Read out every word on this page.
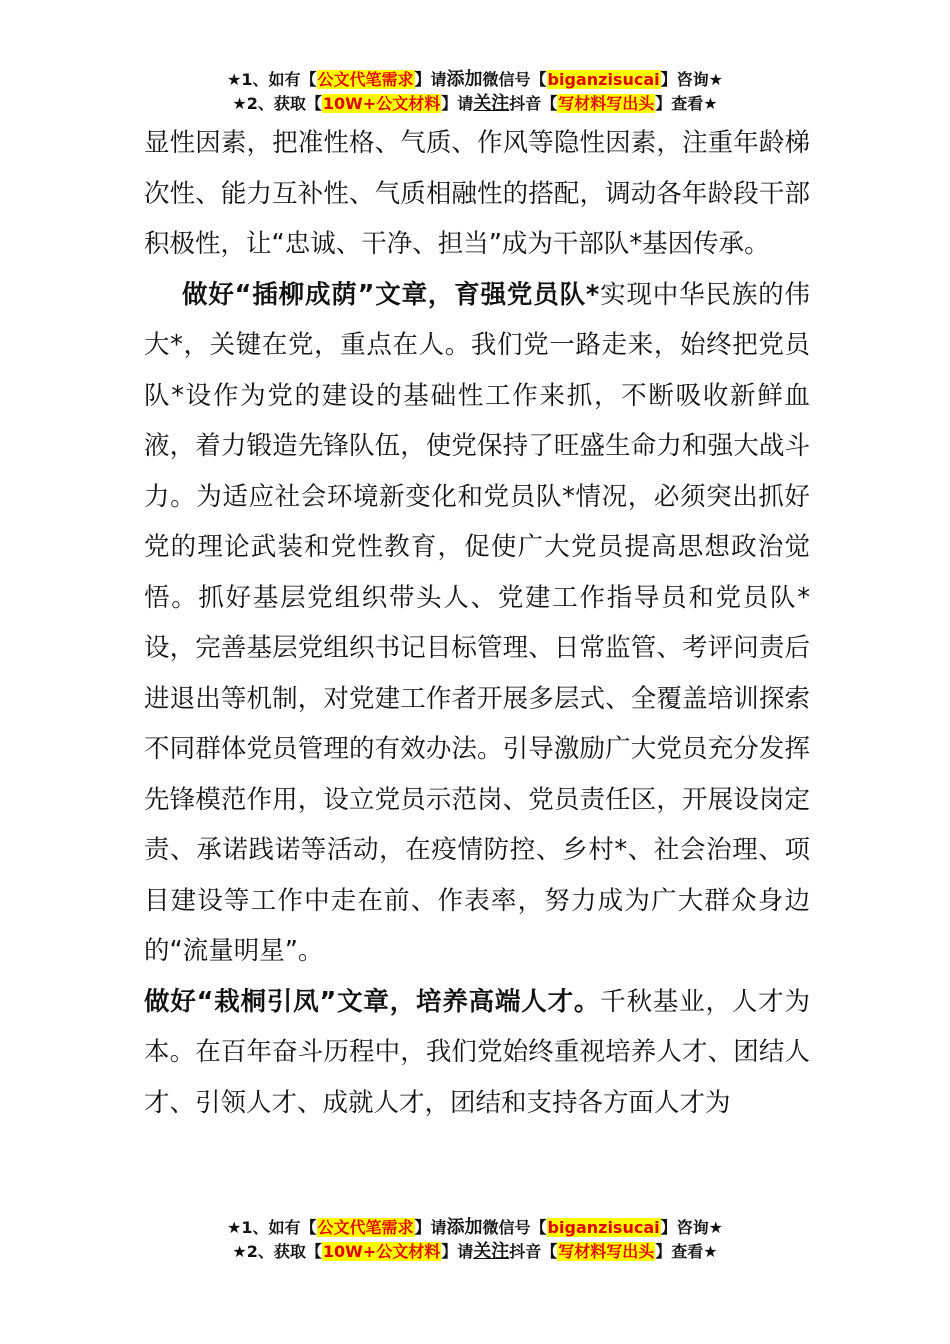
★1、如有【公文代笔需求】请添加微信号【biganzisucai】咨询★
★2、获取【10W+公文材料】请关注抖音【写材料写出头】查看★

显性因素，把准性格、气质、作风等隐性因素，注重年龄梯次性、能力互补性、气质相融性的搭配，调动各年龄段干部积极性，让“忠诚、干净、担当”成为干部队*基因传承。

做好“插柳成荫”文章，育强党员队*实现中华民族的伟大*，关键在党，重点在人。我们党一路走来，始终把党员队*设作为党的建设的基础性工作来抓，不断吸收新鲜血液，着力锻造先锋队伍，使党保持了旺盛生命力和强大战斗力。为适应社会环境新变化和党员队*情况，必须突出抓好党的理论武装和党性教育，促使广大党员提高思想政治觉悟。抓好基层党组织带头人、党建工作指导员和党员队*设，完善基层党组织书记目标管理、日常监管、考评问责后进退出等机制，对党建工作者开展多层式、全覆盖培训探索不同群体党员管理的有效办法。引导激励广大党员充分发挥先锋模范作用，设立党员示范岗、党员责任区，开展设岗定责、承诺践诺等活动，在疫情防控、乡村*、社会治理、项目建设等工作中走在前、作表率，努力成为广大群众身边的“流量明星”。

做好“栽桐引凤”文章，培养高端人才。千秋基业，人才为本。在百年奋斗历程中，我们党始终重视培养人才、团结人才、引领人才、成就人才，团结和支持各方面人才为

★1、如有【公文代笔需求】请添加微信号【biganzisucai】咨询★
★2、获取【10W+公文材料】请关注抖音【写材料写出头】查看★
